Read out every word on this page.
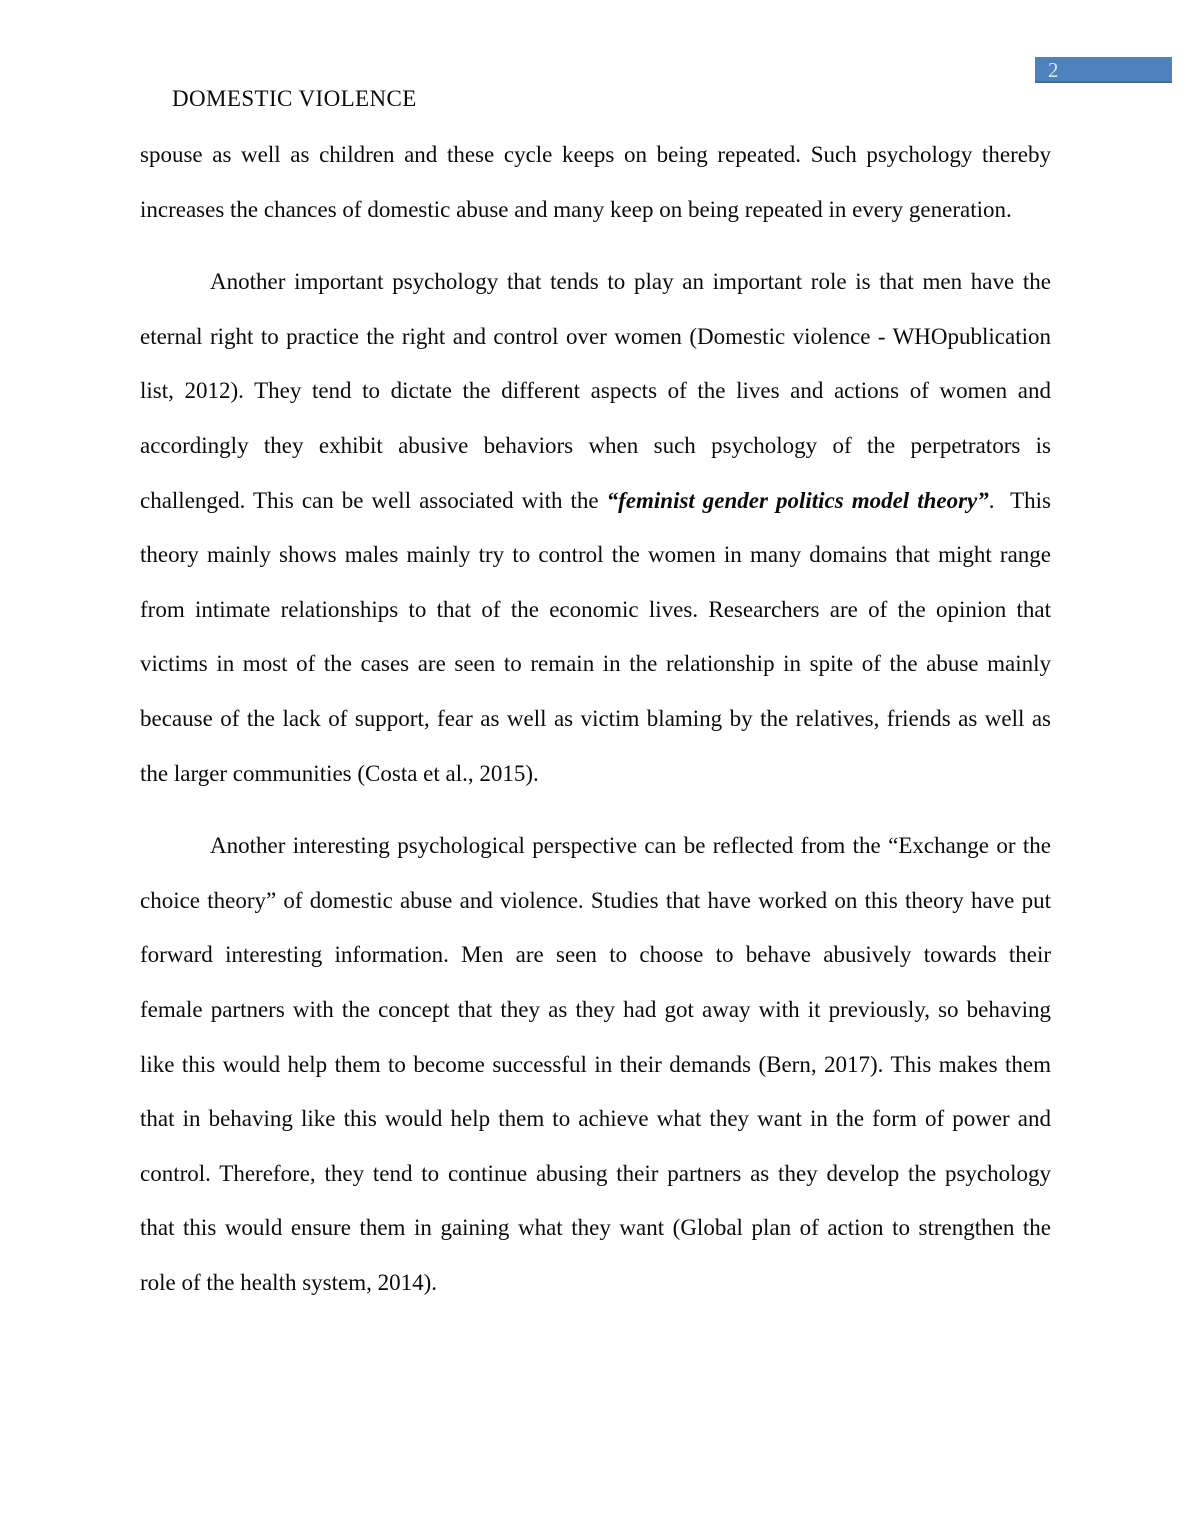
2
DOMESTIC VIOLENCE
spouse as well as children and these cycle keeps on being repeated. Such psychology thereby
increases the chances of domestic abuse and many keep on being repeated in every generation.
Another important psychology that tends to play an important role is that men have the
eternal right to practice the right and control over women (Domestic violence - WHOpublication
list, 2012). They tend to dictate the different aspects of the lives and actions of women and
accordingly they exhibit abusive behaviors when such psychology of the perpetrators is
challenged. This can be well associated with the “feminist gender politics model theory”.  This
theory mainly shows males mainly try to control the women in many domains that might range
from intimate relationships to that of the economic lives. Researchers are of the opinion that
victims in most of the cases are seen to remain in the relationship in spite of the abuse mainly
because of the lack of support, fear as well as victim blaming by the relatives, friends as well as
the larger communities (Costa et al., 2015).
Another interesting psychological perspective can be reflected from the “Exchange or the
choice theory” of domestic abuse and violence. Studies that have worked on this theory have put
forward interesting information. Men are seen to choose to behave abusively towards their
female partners with the concept that they as they had got away with it previously, so behaving
like this would help them to become successful in their demands (Bern, 2017). This makes them
that in behaving like this would help them to achieve what they want in the form of power and
control. Therefore, they tend to continue abusing their partners as they develop the psychology
that this would ensure them in gaining what they want (Global plan of action to strengthen the
role of the health system, 2014).
